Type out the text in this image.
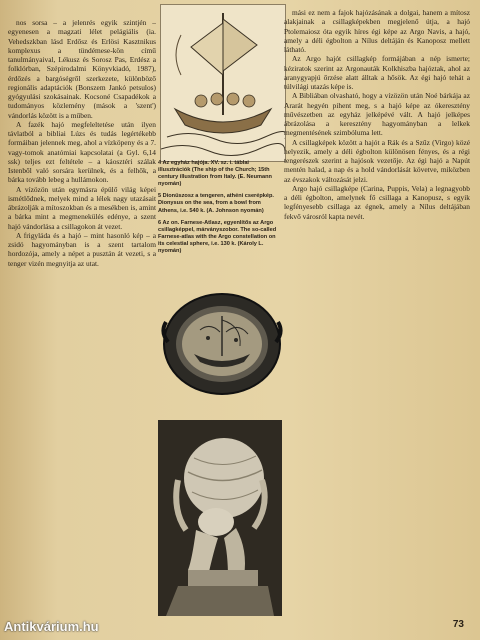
nos sorsa – a jelenrés egyik szintjén – egyenesen a magzati lélet pelágiális (ia. Vehedszkban lásd Erdősz és Erlösi Kasztnikus komplexus a tündémese-kön című tanulmányaival, Lékusz és Sorosz Pas, Erdész a folklórban, Szépirodalmi Könyvkiadó, 1987), érdőzés a bargóségről szerkezete, különböző regionális adaptációk (Bonszem Jankó petsulos) gyógyulási szokásainak. Kocsoné Csapadékok a tudományos közlemény (mások a 'szent') vándorlás között is a műben.

A fazék hajó megfeleltetése után ilyen távlatból a bibliai Lúzs és tudás legértékebb formáiban jelennek meg, ahol a vízköpeny és a 7. vagy-tomok anatómiai kapcsolatai (a Gyl. 6,14 ssk) teljes ezt feltétele – a káosztéri szálak Istenből való sorsára kerülnek, és a felhők, a bárka tovább lebeg a hullámokon.

A vízözön után egymásra épülő világ képei ismétlődnek, melyek mind a lélek nagy utazásait ábrázolják a mítoszokban és a mesékben is, amint a bárka mint a megmenekülés edénye, a szent hajó vándorlása a csillagokon át vezet.

A frigyláda és a hajó – mint hasonló kép – a zsidó hagyományban is a szent tartalom hordozója, amely a népet a pusztán át vezeti, s a tenger vizén megnyitja az utat.

4 Az egyház hajója. XV. sz. i. táblai illusztrációk (The ship of the Church; 15th century illustration from Italy. (E. Neumann nyomán)
5 Dionüszosz a tengeren, athéni cserépkép. Dionysus on the sea, from a bowl from Athens, i.e. 540 k. (A. Johnson nyomán)
6 Az on. Farnese-Atlasz, egyenlítős az Argo csillagképpel, márványszobor. The so-called Farnese-atlas with the Argo constellation on its celestial sphere, i.e. 130 k. (Károly L. nyomán)

mási ez nem a fajok hajózásának a dolgai, hanem a mítosz alakjainak a csillagképekben megjelenő útja, a hajó Ptolemaiosz óta egyik híres égi képe az Argo Navis, a hajó, amely a déli égbolton a Nílus deltáján és Kanoposz mellett látható.

Az Argo hajót csillagkép formájában a nép ismerte; kéziratok szerint az Argonauták Kolkhiszba hajóztak, ahol az aranygyapjú őrzése alatt álltak a hősök. Az égi hajó tehát a túlvilági utazás képe is.

A Bibliában olvasható, hogy a vízözön után Noé bárkája az Ararát hegyén pihent meg, s a hajó képe az ókeresztény művészetben az egyház jelképévé vált. A hajó jelképes ábrázolása a keresztény hagyományban a lelkek megmentésének szimbóluma lett.

A csillagképek között a hajót a Rák és a Szűz (Virgo) közé helyezik, amely a déli égbolton különösen fényes, és a régi tengerészek szerint a hajósok vezetője. Az égi hajó a Napút mentén halad, a nap és a hold vándorlását követve, miközben az évszakok változását jelzi.

Argo hajó csillagképe (Carina, Puppis, Vela) a legnagyobb a déli égbolton, amelynek fő csillaga a Kanopusz, s egyik legfényesebb csillaga az égnek, amely a Nílus deltájában fekvő városról kapta nevét.

73
Antikvárium.hu
